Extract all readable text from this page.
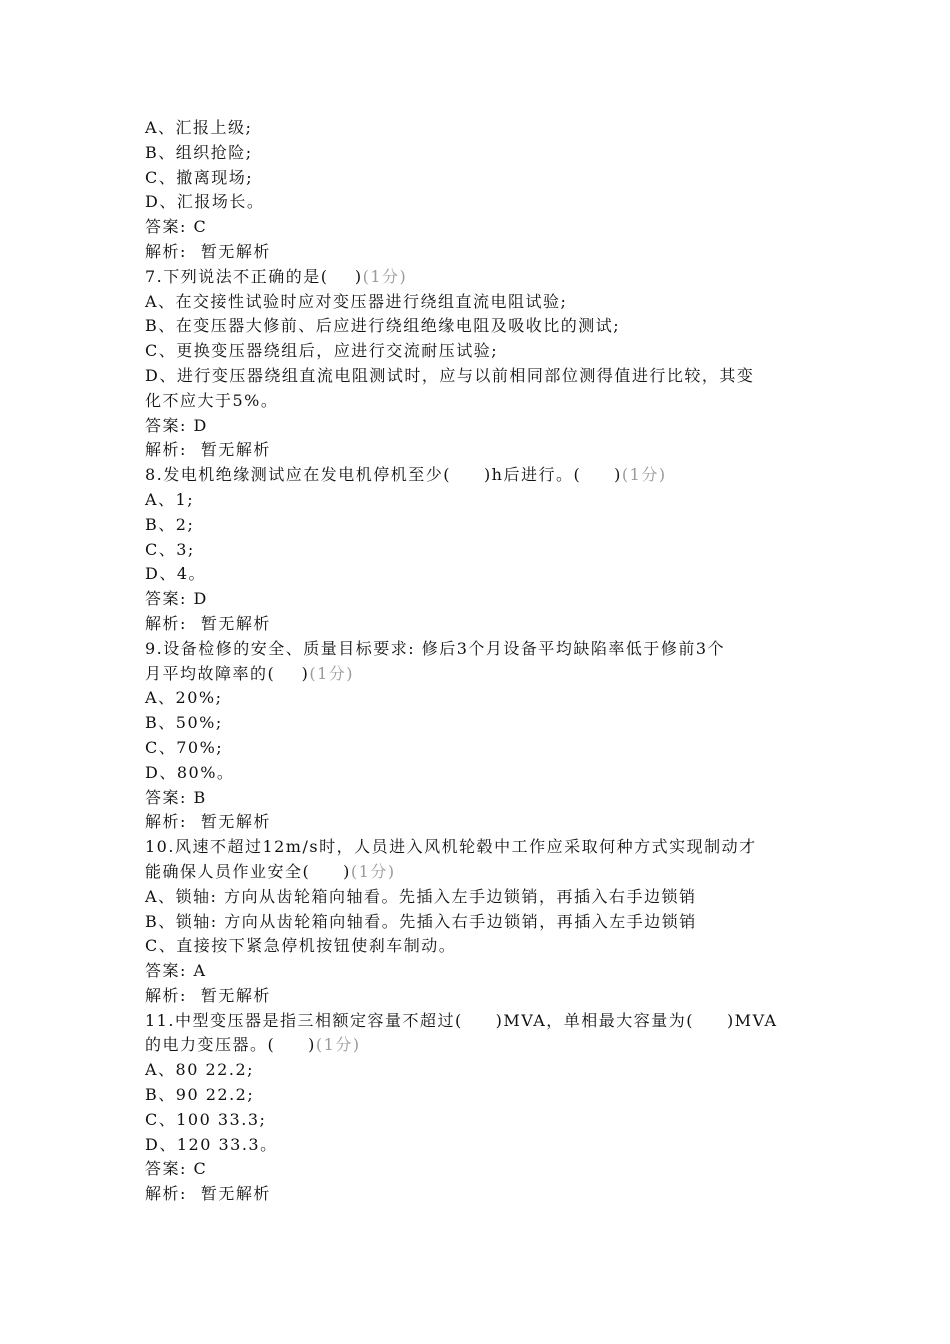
A、汇报上级;
B、组织抢险;
C、撤离现场;
D、汇报场长。
答案: C
解析: 暂无解析
7.下列说法不正确的是(    )(1分)
A、在交接性试验时应对变压器进行绕组直流电阻试验;
B、在变压器大修前、后应进行绕组绝缘电阻及吸收比的测试;
C、更换变压器绕组后，应进行交流耐压试验;
D、进行变压器绕组直流电阻测试时，应与以前相同部位测得值进行比较，其变
化不应大于5%。
答案: D
解析: 暂无解析
8.发电机绝缘测试应在发电机停机至少(     )h后进行。(     )(1分)
A、1;
B、2;
C、3;
D、4。
答案: D
解析: 暂无解析
9.设备检修的安全、质量目标要求: 修后3个月设备平均缺陷率低于修前3个
月平均故障率的(    )(1分)
A、20%;
B、50%;
C、70%;
D、80%。
答案: B
解析: 暂无解析
10.风速不超过12m/s时，人员进入风机轮毂中工作应采取何种方式实现制动才
能确保人员作业安全(     )(1分)
A、锁轴: 方向从齿轮箱向轴看。先插入左手边锁销，再插入右手边锁销
B、锁轴: 方向从齿轮箱向轴看。先插入右手边锁销，再插入左手边锁销
C、直接按下紧急停机按钮使刹车制动。
答案: A
解析: 暂无解析
11.中型变压器是指三相额定容量不超过(     )MVA，单相最大容量为(     )MVA
的电力变压器。(     )(1分)
A、80 22.2;
B、90 22.2;
C、100 33.3;
D、120 33.3。
答案: C
解析: 暂无解析
